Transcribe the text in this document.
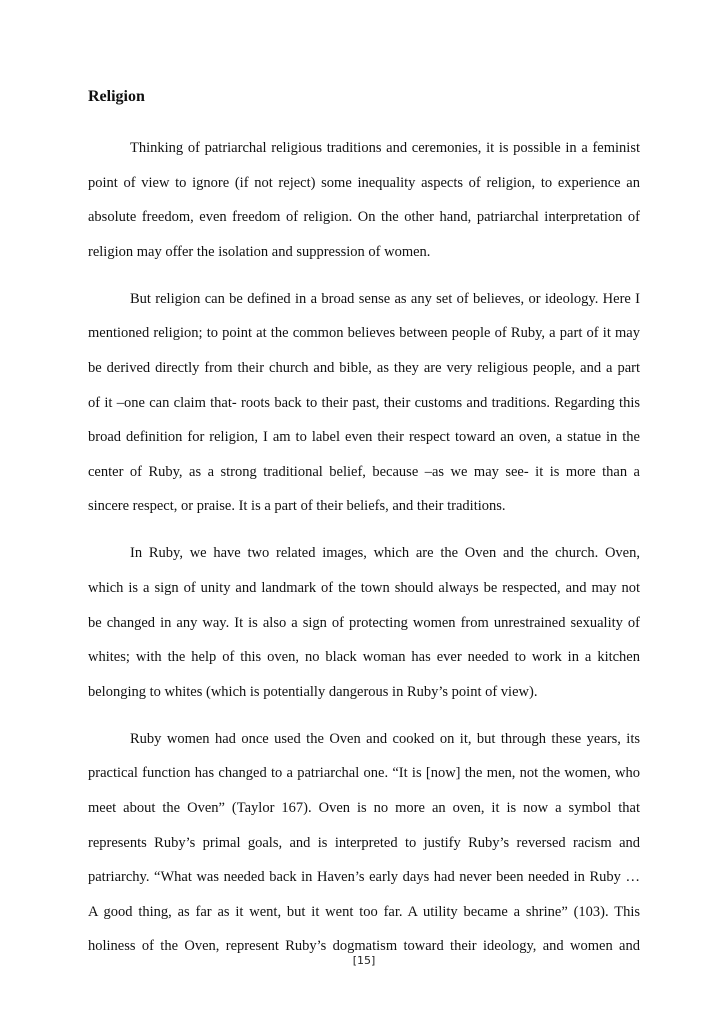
Religion
Thinking of patriarchal religious traditions and ceremonies, it is possible in a feminist
point of view to ignore (if not reject) some inequality aspects of religion, to experience an
absolute freedom, even freedom of religion. On the other hand, patriarchal interpretation of
religion may offer the isolation and suppression of women.
But religion can be defined in a broad sense as any set of believes, or ideology. Here I
mentioned religion; to point at the common believes between people of Ruby, a part of it may
be derived directly from their church and bible, as they are very religious people, and a part
of it –one can claim that- roots back to their past, their customs and traditions. Regarding this
broad definition for religion, I am to label even their respect toward an oven, a statue in the
center of Ruby, as a strong traditional belief, because –as we may see- it is more than a
sincere respect, or praise. It is a part of their beliefs, and their traditions.
In Ruby, we have two related images, which are the Oven and the church. Oven,
which is a sign of unity and landmark of the town should always be respected, and may not
be changed in any way. It is also a sign of protecting women from unrestrained sexuality of
whites; with the help of this oven, no black woman has ever needed to work in a kitchen
belonging to whites (which is potentially dangerous in Ruby’s point of view).
Ruby women had once used the Oven and cooked on it, but through these years, its
practical function has changed to a patriarchal one. “It is [now] the men, not the women, who
meet about the Oven” (Taylor 167). Oven is no more an oven, it is now a symbol that
represents Ruby’s primal goals, and is interpreted to justify Ruby’s reversed racism and
patriarchy. “What was needed back in Haven’s early days had never been needed in Ruby …
A good thing, as far as it went, but it went too far. A utility became a shrine” (103). This
holiness of the Oven, represent Ruby’s dogmatism toward their ideology, and women and
[15]
